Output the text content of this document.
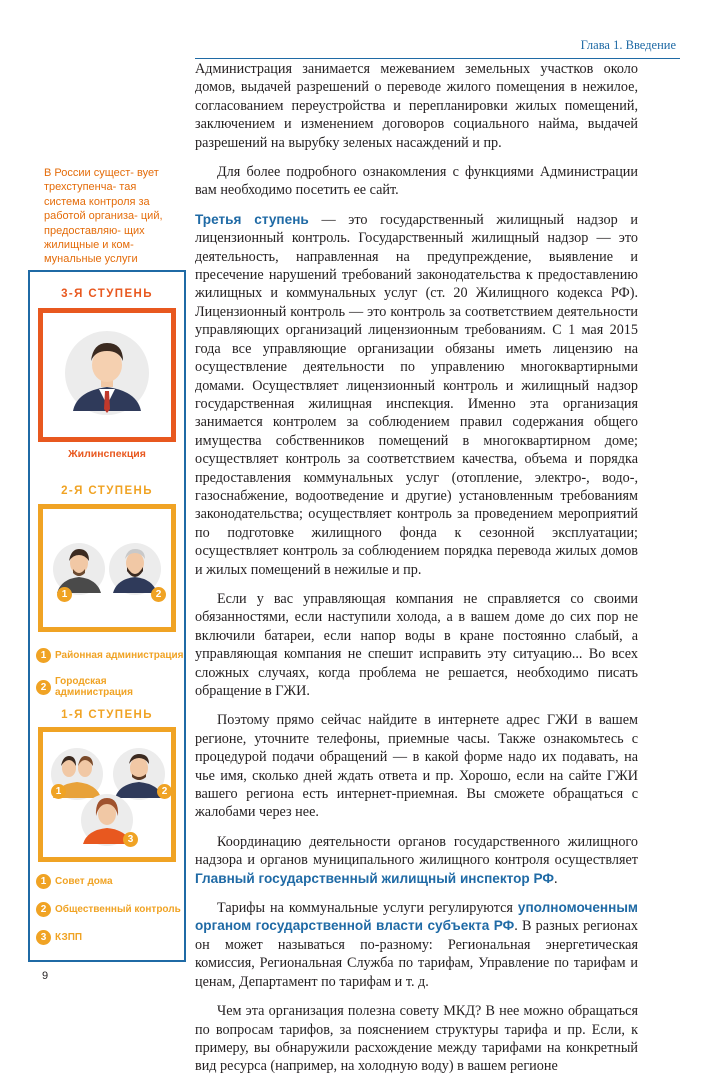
Глава 1. Введение
В России сущест- вует трехступенча- тая система контроля за работой организа- ций, предоставляю- щих жилищные и ком- мунальные услуги
3-Я СТУПЕНЬ
Жилинспекция
2-Я СТУПЕНЬ
1	2
1 Районная администрация
2 Городская администрация
1-Я СТУПЕНЬ
1	2
3
1 Совет дома
2 Общественный контроль
3 КЗПП

Администрация занимается межеванием земельных участков около домов, выдачей разрешений о переводе жилого помещения в нежилое, согласованием переустройства и перепланировки жилых помещений, заключением и изменением договоров социального найма, выдачей разрешений на вырубку зеленых насаждений и пр.

Для более подробного ознакомления с функциями Администрации вам необходимо посетить ее сайт.

Третья ступень — это государственный жилищный надзор и лицензионный контроль. Государственный жилищный надзор — это деятельность, направленная на предупреждение, выявление и пресечение нарушений требований законодательства к предоставлению жилищных и коммунальных услуг (ст. 20 Жилищного кодекса РФ). Лицензионный контроль — это контроль за соответствием деятельности управляющих организаций лицензионным требованиям. С 1 мая 2015 года все управляющие организации обязаны иметь лицензию на осуществление деятельности по управлению многоквартирными домами. Осуществляет лицензионный контроль и жилищный надзор государственная жилищная инспекция. Именно эта организация занимается контролем за соблюдением правил содержания общего имущества собственников помещений в многоквартирном доме; осуществляет контроль за соответствием качества, объема и порядка предоставления коммунальных услуг (отопление, электро-, водо-, газоснабжение, водоотведение и другие) установленным требованиям законодательства; осуществляет контроль за проведением мероприятий по подготовке жилищного фонда к сезонной эксплуатации; осуществляет контроль за соблюдением порядка перевода жилых домов и жилых помещений в нежилые и пр.

Если у вас управляющая компания не справляется со своими обязанностями, если наступили холода, а в вашем доме до сих пор не включили батареи, если напор воды в кране постоянно слабый, а управляющая компания не спешит исправить эту ситуацию... Во всех сложных случаях, когда проблема не решается, необходимо писать обращение в ГЖИ.

Поэтому прямо сейчас найдите в интернете адрес ГЖИ в вашем регионе, уточните телефоны, приемные часы. Также ознакомьтесь с процедурой подачи обращений — в какой форме надо их подавать, на чье имя, сколько дней ждать ответа и пр. Хорошо, если на сайте ГЖИ вашего региона есть интернет-приемная. Вы сможете обращаться с жалобами через нее.

Координацию деятельности органов государственного жилищного надзора и органов муниципального жилищного контроля осуществляет Главный государственный жилищный инспектор РФ.

Тарифы на коммунальные услуги регулируются уполномоченным органом государственной власти субъекта РФ. В разных регионах он может называться по-разному: Региональная энергетическая комиссия, Региональная Служба по тарифам, Управление по тарифам и ценам, Департамент по тарифам и т. д.

Чем эта организация полезна совету МКД? В нее можно обращаться по вопросам тарифов, за пояснением структуры тарифа и пр. Если, к примеру, вы обнаружили расхождение между тарифами на конкретный вид ресурса (например, на холодную воду) в вашем регионе

9
